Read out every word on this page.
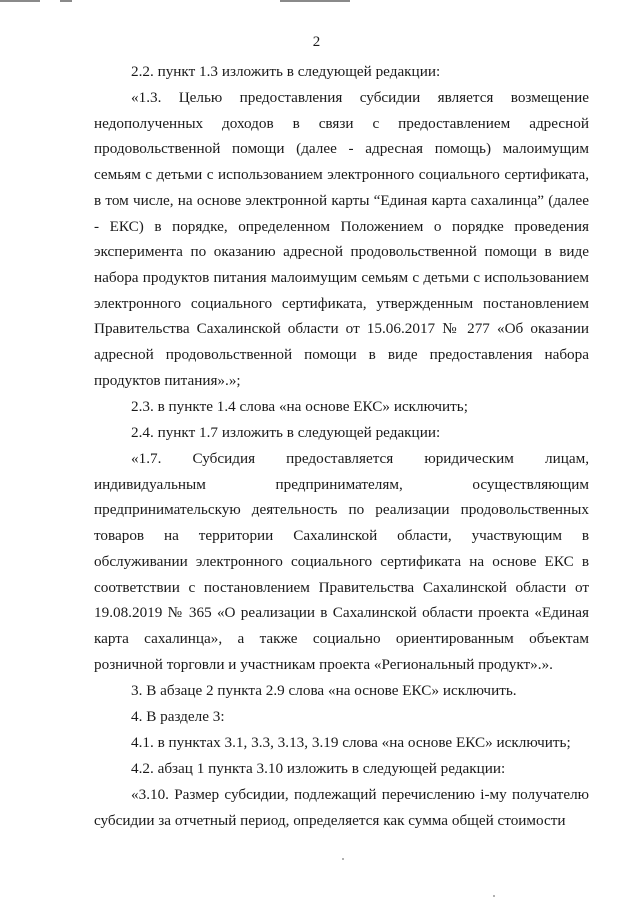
2

2.2. пункт 1.3 изложить в следующей редакции:

«1.3. Целью предоставления субсидии является возмещение недополученных доходов в связи с предоставлением адресной продовольственной помощи (далее - адресная помощь) малоимущим семьям с детьми с использованием электронного социального сертификата, в том числе, на основе электронной карты “Единая карта сахалинца” (далее - ЕКС) в порядке, определенном Положением о порядке проведения эксперимента по оказанию адресной продовольственной помощи в виде набора продуктов питания малоимущим семьям с детьми с использованием электронного социального сертификата, утвержденным постановлением Правительства Сахалинской области от 15.06.2017 № 277 «Об оказании адресной продовольственной помощи в виде предоставления набора продуктов питания».»;

2.3. в пункте 1.4 слова «на основе ЕКС» исключить;

2.4. пункт 1.7 изложить в следующей редакции:

«1.7. Субсидия предоставляется юридическим лицам, индивидуальным предпринимателям, осуществляющим предпринимательскую деятельность по реализации продовольственных товаров на территории Сахалинской области, участвующим в обслуживании электронного социального сертификата на основе ЕКС в соответствии с постановлением Правительства Сахалинской области от 19.08.2019 № 365 «О реализации в Сахалинской области проекта «Единая карта сахалинца», а также социально ориентированным объектам розничной торговли и участникам проекта «Региональный продукт».».

3. В абзаце 2 пункта 2.9 слова «на основе ЕКС» исключить.

4. В разделе 3:

4.1. в пунктах 3.1, 3.3, 3.13, 3.19 слова «на основе ЕКС» исключить;

4.2. абзац 1 пункта 3.10 изложить в следующей редакции:

«3.10. Размер субсидии, подлежащий перечислению i-му получателю субсидии за отчетный период, определяется как сумма общей стоимости
